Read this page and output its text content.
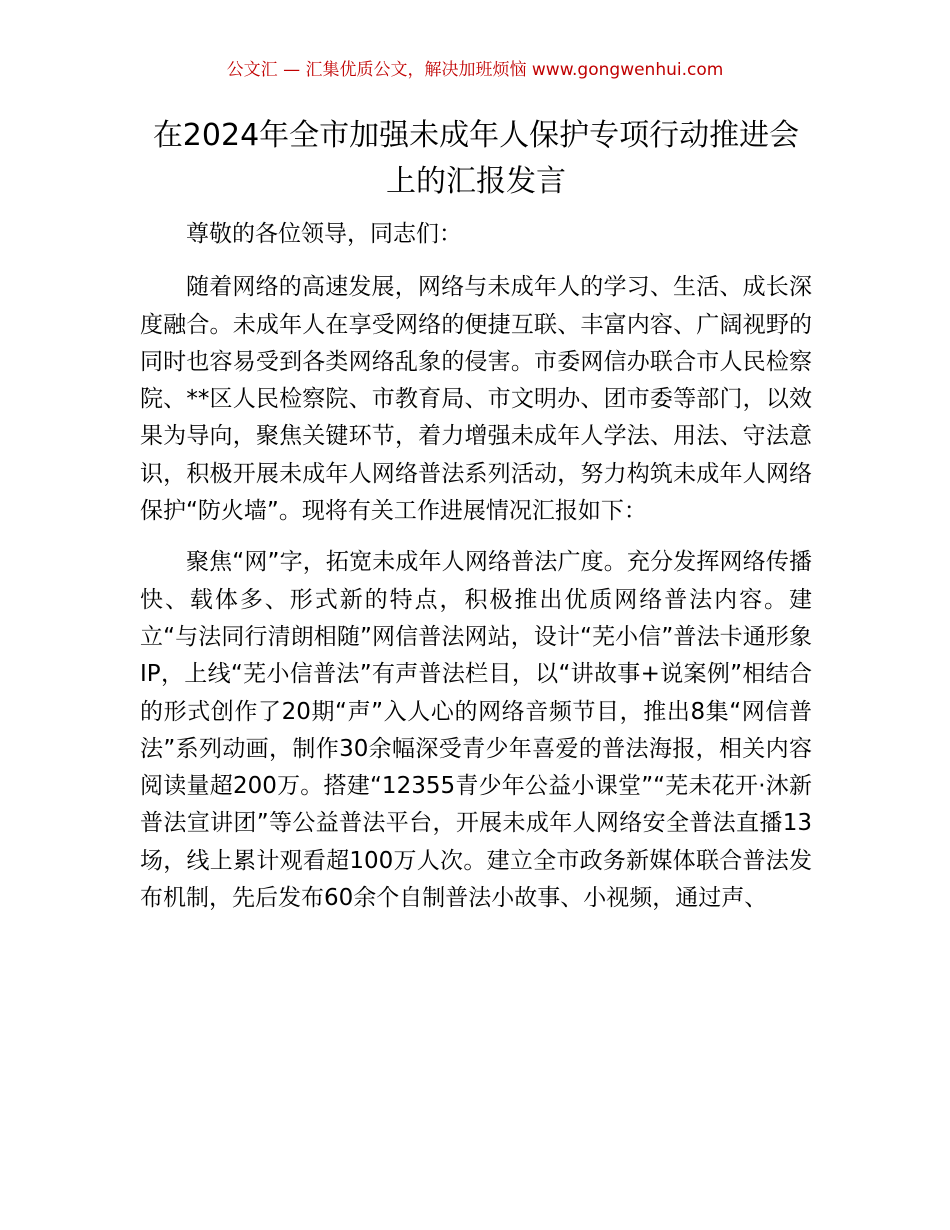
公文汇 — 汇集优质公文，解决加班烦恼 www.gongwenhui.com
在2024年全市加强未成年人保护专项行动推进会上的汇报发言

尊敬的各位领导，同志们：

随着网络的高速发展，网络与未成年人的学习、生活、成长深度融合。未成年人在享受网络的便捷互联、丰富内容、广阔视野的同时也容易受到各类网络乱象的侵害。市委网信办联合市人民检察院、**区人民检察院、市教育局、市文明办、团市委等部门，以效果为导向，聚焦关键环节，着力增强未成年人学法、用法、守法意识，积极开展未成年人网络普法系列活动，努力构筑未成年人网络保护“防火墙”。现将有关工作进展情况汇报如下：

聚焦“网”字，拓宽未成年人网络普法广度。充分发挥网络传播快、载体多、形式新的特点，积极推出优质网络普法内容。建立“与法同行清朗相随”网信普法网站，设计“芜小信”普法卡通形象IP，上线“芜小信普法”有声普法栏目，以“讲故事+说案例”相结合的形式创作了20期“声”入人心的网络音频节目，推出8集“网信普法”系列动画，制作30余幅深受青少年喜爱的普法海报，相关内容阅读量超200万。搭建“12355青少年公益小课堂”“芜未花开·沐新普法宣讲团”等公益普法平台，开展未成年人网络安全普法直播13场，线上累计观看超100万人次。建立全市政务新媒体联合普法发布机制，先后发布60余个自制普法小故事、小视频，通过声、
